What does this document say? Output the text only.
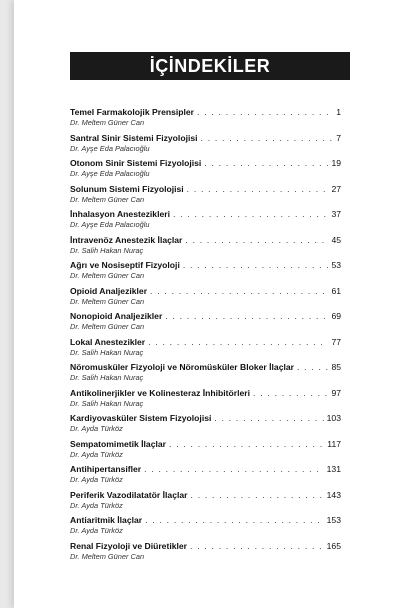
İÇİNDEKİLER
Temel Farmakolojik Prensipler . . .	1
Dr. Meltem Güner Can
Santral Sinir Sistemi Fizyolojisi . . .	7
Dr. Ayşe Eda Palacıoğlu
Otonom Sinir Sistemi Fizyolojisi . . .	19
Dr. Ayşe Eda Palacıoğlu
Solunum Sistemi Fizyolojisi . . .	27
Dr. Meltem Güner Can
İnhalasyon Anestezikleri . . .	37
Dr. Ayşe Eda Palacıoğlu
İntravenöz Anestezik İlaçlar . . .	45
Dr. Salih Hakan Nuraç
Ağrı ve Nosiseptif Fizyoloji . . .	53
Dr. Meltem Güner Can
Opioid Analjezikler . . .	61
Dr. Meltem Güner Can
Nonopioid Analjezikler . . .	69
Dr. Meltem Güner Can
Lokal Anestezikler . . .	77
Dr. Salih Hakan Nuraç
Nöromusküler Fizyoloji ve Nöromüsküler Bloker İlaçlar . . .	85
Dr. Salih Hakan Nuraç
Antikolinerjikler ve Kolinesteraz İnhibitörleri . . .	97
Dr. Salih Hakan Nuraç
Kardiyovasküler Sistem Fizyolojisi . . .	103
Dr. Ayda Türköz
Sempatomimetik İlaçlar . . .	117
Dr. Ayda Türköz
Antihipertansifler . . .	131
Dr. Ayda Türköz
Periferik Vazodilatatör İlaçlar . . .	143
Dr. Ayda Türköz
Antiaritmik İlaçlar . . .	153
Dr. Ayda Türköz
Renal Fizyoloji ve Diüretikler . . .	165
Dr. Meltem Güner Can
